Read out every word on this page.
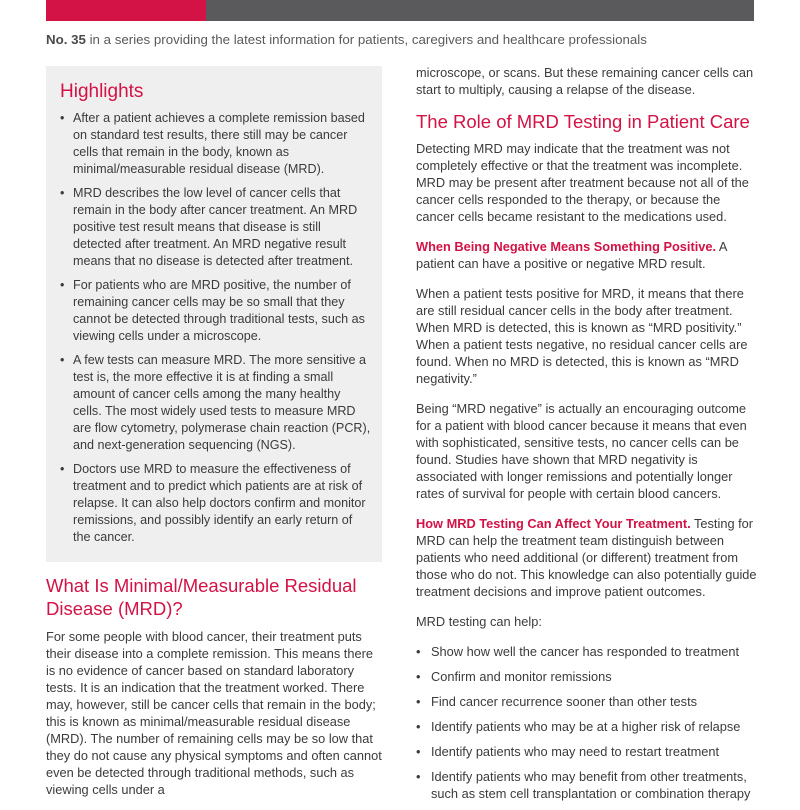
No. 35 in a series providing the latest information for patients, caregivers and healthcare professionals
Highlights
• After a patient achieves a complete remission based on standard test results, there still may be cancer cells that remain in the body, known as minimal/measurable residual disease (MRD).
• MRD describes the low level of cancer cells that remain in the body after cancer treatment. An MRD positive test result means that disease is still detected after treatment. An MRD negative result means that no disease is detected after treatment.
• For patients who are MRD positive, the number of remaining cancer cells may be so small that they cannot be detected through traditional tests, such as viewing cells under a microscope.
• A few tests can measure MRD. The more sensitive a test is, the more effective it is at finding a small amount of cancer cells among the many healthy cells. The most widely used tests to measure MRD are flow cytometry, polymerase chain reaction (PCR), and next-generation sequencing (NGS).
• Doctors use MRD to measure the effectiveness of treatment and to predict which patients are at risk of relapse. It can also help doctors confirm and monitor remissions, and possibly identify an early return of the cancer.
What Is Minimal/Measurable Residual Disease (MRD)?

For some people with blood cancer, their treatment puts their disease into a complete remission. This means there is no evidence of cancer based on standard laboratory tests. It is an indication that the treatment worked. There may, however, still be cancer cells that remain in the body; this is known as minimal/measurable residual disease (MRD). The number of remaining cells may be so low that they do not cause any physical symptoms and often cannot even be detected through traditional methods, such as viewing cells under a

microscope, or scans. But these remaining cancer cells can start to multiply, causing a relapse of the disease.

The Role of MRD Testing in Patient Care

Detecting MRD may indicate that the treatment was not completely effective or that the treatment was incomplete. MRD may be present after treatment because not all of the cancer cells responded to the therapy, or because the cancer cells became resistant to the medications used.

When Being Negative Means Something Positive. A patient can have a positive or negative MRD result.

When a patient tests positive for MRD, it means that there are still residual cancer cells in the body after treatment. When MRD is detected, this is known as “MRD positivity.” When a patient tests negative, no residual cancer cells are found. When no MRD is detected, this is known as “MRD negativity.”

Being “MRD negative” is actually an encouraging outcome for a patient with blood cancer because it means that even with sophisticated, sensitive tests, no cancer cells can be found. Studies have shown that MRD negativity is associated with longer remissions and potentially longer rates of survival for people with certain blood cancers.

How MRD Testing Can Affect Your Treatment. Testing for MRD can help the treatment team distinguish between patients who need additional (or different) treatment from those who do not. This knowledge can also potentially guide treatment decisions and improve patient outcomes.

MRD testing can help:

• Show how well the cancer has responded to treatment
• Confirm and monitor remissions
• Find cancer recurrence sooner than other tests
• Identify patients who may be at a higher risk of relapse
• Identify patients who may need to restart treatment
• Identify patients who may benefit from other treatments, such as stem cell transplantation or combination therapy
